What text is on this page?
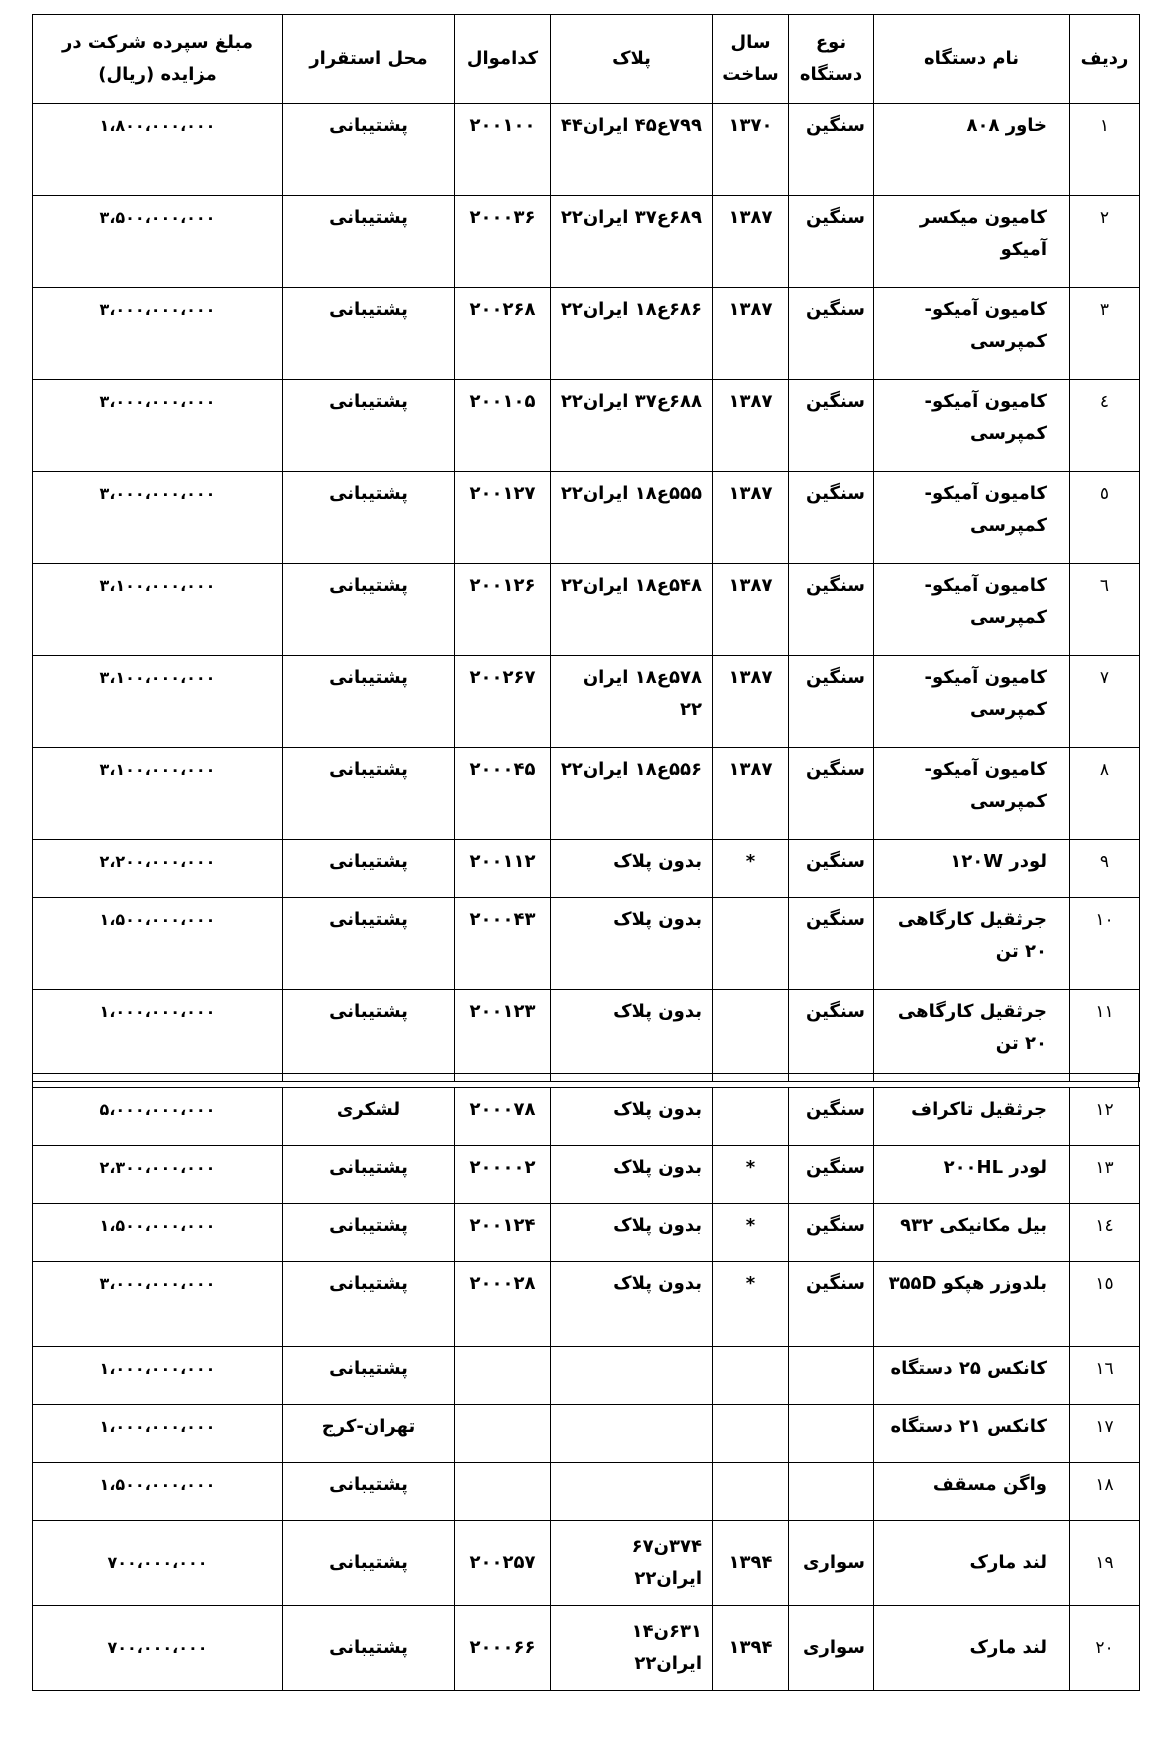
ردیف	نام دستگاه	نوع دستگاه	سال ساخت	پلاک	کداموال	محل استقرار	مبلغ سپرده شرکت در مزایده (ریال)
۱	خاور ۸۰۸	سنگین	۱۳۷۰	۷۹۹ع۴۵ ایران۴۴	۲۰۰۱۰۰	پشتیبانی	۱،۸۰۰،۰۰۰،۰۰۰
۲	کامیون میکسر آمیکو	سنگین	۱۳۸۷	۶۸۹ع۳۷ ایران۲۲	۲۰۰۰۳۶	پشتیبانی	۳،۵۰۰،۰۰۰،۰۰۰
۳	کامیون آمیکو- کمپرسی	سنگین	۱۳۸۷	۶۸۶ع۱۸ ایران۲۲	۲۰۰۲۶۸	پشتیبانی	۳،۰۰۰،۰۰۰،۰۰۰
٤	کامیون آمیکو- کمپرسی	سنگین	۱۳۸۷	۶۸۸ع۳۷ ایران۲۲	۲۰۰۱۰۵	پشتیبانی	۳،۰۰۰،۰۰۰،۰۰۰
٥	کامیون آمیکو- کمپرسی	سنگین	۱۳۸۷	۵۵۵ع۱۸ ایران۲۲	۲۰۰۱۲۷	پشتیبانی	۳،۰۰۰،۰۰۰،۰۰۰
٦	کامیون آمیکو- کمپرسی	سنگین	۱۳۸۷	۵۴۸ع۱۸ ایران۲۲	۲۰۰۱۲۶	پشتیبانی	۳،۱۰۰،۰۰۰،۰۰۰
۷	کامیون آمیکو- کمپرسی	سنگین	۱۳۸۷	۵۷۸ع۱۸ ایران ۲۲	۲۰۰۲۶۷	پشتیبانی	۳،۱۰۰،۰۰۰،۰۰۰
۸	کامیون آمیکو- کمپرسی	سنگین	۱۳۸۷	۵۵۶ع۱۸ ایران۲۲	۲۰۰۰۴۵	پشتیبانی	۳،۱۰۰،۰۰۰،۰۰۰
۹	لودر ۱۲۰W	سنگین	*	بدون پلاک	۲۰۰۱۱۲	پشتیبانی	۲،۲۰۰،۰۰۰،۰۰۰
۱۰	جرثقیل کارگاهی ۲۰ تن	سنگین		بدون پلاک	۲۰۰۰۴۳	پشتیبانی	۱،۵۰۰،۰۰۰،۰۰۰
۱۱	جرثقیل کارگاهی ۲۰ تن	سنگین		بدون پلاک	۲۰۰۱۲۳	پشتیبانی	۱،۰۰۰،۰۰۰،۰۰۰
۱۲	جرثقیل تاکراف	سنگین		بدون پلاک	۲۰۰۰۷۸	لشکری	۵،۰۰۰،۰۰۰،۰۰۰
۱۳	لودر ۲۰۰HL	سنگین	*	بدون پلاک	۲۰۰۰۰۲	پشتیبانی	۲،۳۰۰،۰۰۰،۰۰۰
۱٤	بیل مکانیکی ۹۳۲	سنگین	*	بدون پلاک	۲۰۰۱۲۴	پشتیبانی	۱،۵۰۰،۰۰۰،۰۰۰
۱٥	بلدوزر هپکو ۳۵۵D	سنگین	*	بدون پلاک	۲۰۰۰۲۸	پشتیبانی	۳،۰۰۰،۰۰۰،۰۰۰
۱٦	کانکس ۲۵ دستگاه					پشتیبانی	۱،۰۰۰،۰۰۰،۰۰۰
۱۷	کانکس ۲۱ دستگاه					تهران-کرج	۱،۰۰۰،۰۰۰،۰۰۰
۱۸	واگن مسقف					پشتیبانی	۱،۵۰۰،۰۰۰،۰۰۰
۱۹	لند مارک	سواری	۱۳۹۴	۳۷۴ن۶۷ ایران۲۲	۲۰۰۲۵۷	پشتیبانی	۷۰۰،۰۰۰،۰۰۰
۲۰	لند مارک	سواری	۱۳۹۴	۶۳۱ن۱۴ ایران۲۲	۲۰۰۰۶۶	پشتیبانی	۷۰۰،۰۰۰،۰۰۰
